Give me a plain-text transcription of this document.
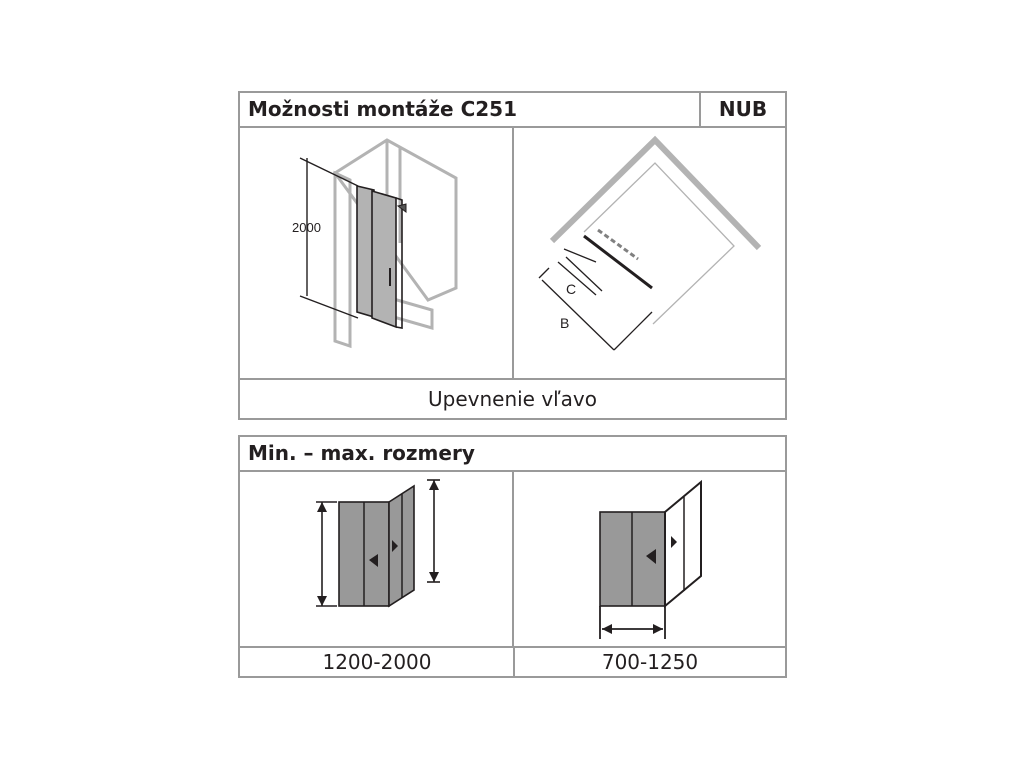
Možnosti montáže C251	NUB
2000
C
B
Upevnenie vľavo
Min. – max. rozmery
1200-2000	700-1250
